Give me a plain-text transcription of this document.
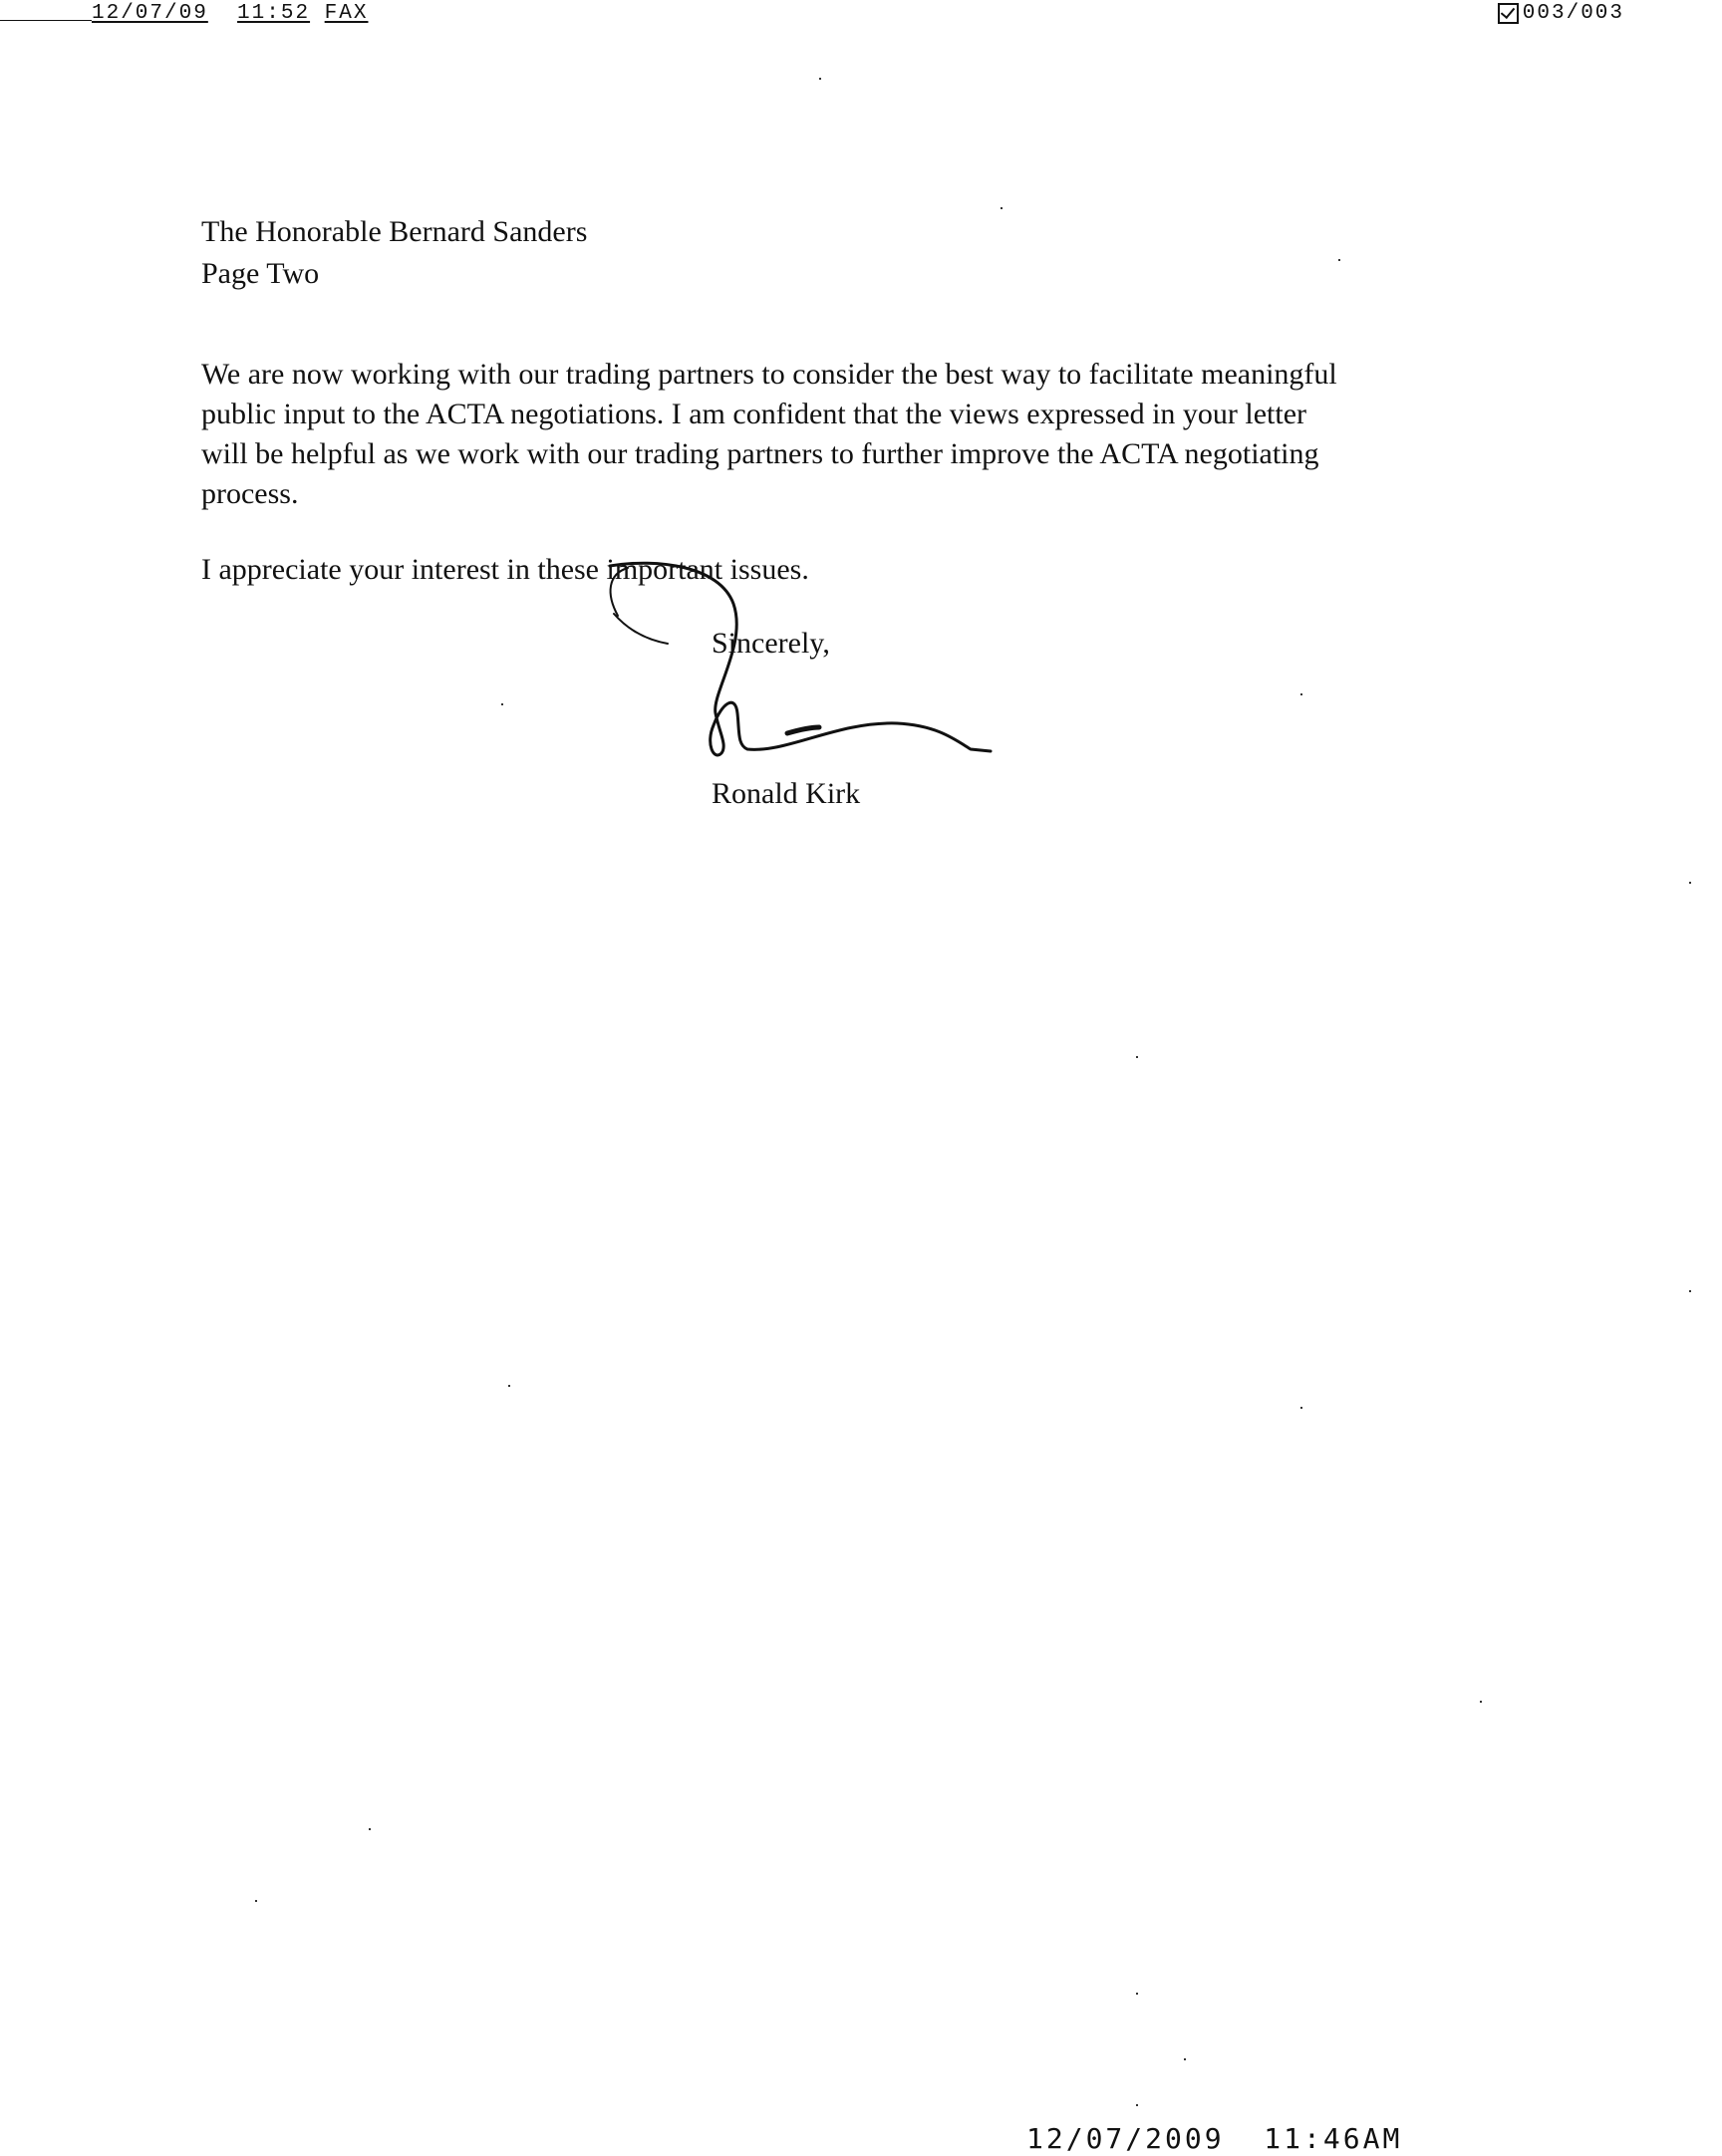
12/07/09 11:52 FAX	003/003
The Honorable Bernard Sanders
Page Two
We are now working with our trading partners to consider the best way to facilitate meaningful
public input to the ACTA negotiations. I am confident that the views expressed in your letter
will be helpful as we work with our trading partners to further improve the ACTA negotiating
process.
I appreciate your interest in these important issues.
Sincerely,
Ronald Kirk
12/07/2009 11:46AM
